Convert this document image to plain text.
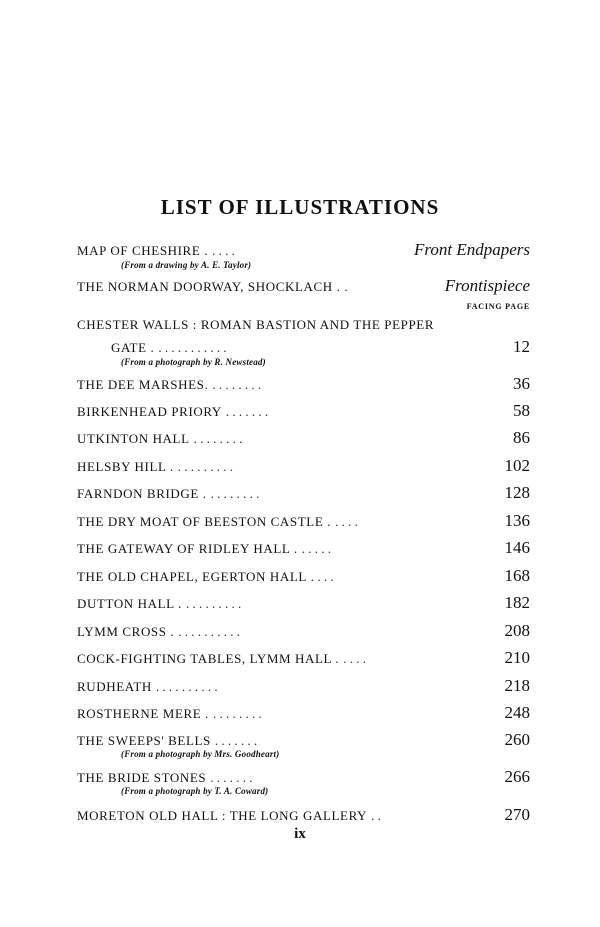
LIST OF ILLUSTRATIONS
MAP OF CHESHIRE . . . . .	Front Endpapers
(From a drawing by A. E. Taylor)
THE NORMAN DOORWAY, SHOCKLACH . .	Frontispiece
FACING PAGE
CHESTER WALLS : ROMAN BASTION AND THE PEPPER
GATE . . . . . . . . . . . .	12
(From a photograph by R. Newstead)
THE DEE MARSHES. . . . . . . . .	36
BIRKENHEAD PRIORY . . . . . . .	58
UTKINTON HALL . . . . . . . .	86
HELSBY HILL . . . . . . . . . .	102
FARNDON BRIDGE . . . . . . . . .	128
THE DRY MOAT OF BEESTON CASTLE . . . . .	136
THE GATEWAY OF RIDLEY HALL . . . . . .	146
THE OLD CHAPEL, EGERTON HALL . . . .	168
DUTTON HALL . . . . . . . . . .	182
LYMM CROSS . . . . . . . . . . .	208
COCK-FIGHTING TABLES, LYMM HALL . . . . .	210
RUDHEATH . . . . . . . . . .	218
ROSTHERNE MERE . . . . . . . . .	248
THE SWEEPS' BELLS . . . . . . .	260
(From a photograph by Mrs. Goodheart)
THE BRIDE STONES . . . . . . .	266
(From a photograph by T. A. Coward)
MORETON OLD HALL : THE LONG GALLERY . .	270
ix
